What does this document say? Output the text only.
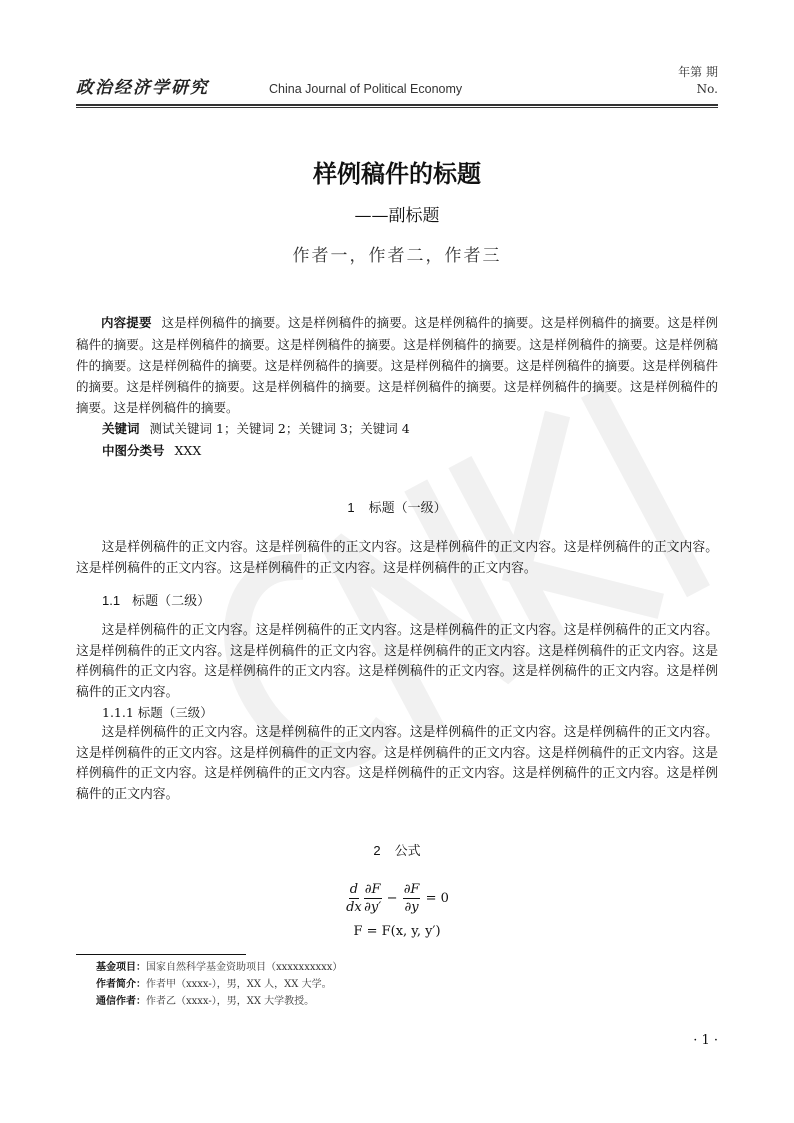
政治经济学研究	China Journal of Political Economy
年第 期
No.
样例稿件的标题
——副标题
作者一，作者二，作者三
内容提要 这是样例稿件的摘要。这是样例稿件的摘要。这是样例稿件的摘要。这是样例稿件的摘要。这是样例稿件的摘要。这是样例稿件的摘要。这是样例稿件的摘要。这是样例稿件的摘要。这是样例稿件的摘要。这是样例稿件的摘要。这是样例稿件的摘要。这是样例稿件的摘要。这是样例稿件的摘要。这是样例稿件的摘要。这是样例稿件的摘要。这是样例稿件的摘要。这是样例稿件的摘要。这是样例稿件的摘要。这是样例稿件的摘要。这是样例稿件的摘要。这是样例稿件的摘要。
关键词 测试关键词 1；关键词 2；关键词 3；关键词 4
中图分类号 XXX
1 标题（一级）
这是样例稿件的正文内容。这是样例稿件的正文内容。这是样例稿件的正文内容。这是样例稿件的正文内容。这是样例稿件的正文内容。这是样例稿件的正文内容。这是样例稿件的正文内容。
1.1 标题（二级）
这是样例稿件的正文内容。这是样例稿件的正文内容。这是样例稿件的正文内容。这是样例稿件的正文内容。这是样例稿件的正文内容。这是样例稿件的正文内容。这是样例稿件的正文内容。这是样例稿件的正文内容。这是样例稿件的正文内容。这是样例稿件的正文内容。这是样例稿件的正文内容。这是样例稿件的正文内容。这是样例稿件的正文内容。
1.1.1 标题（三级）
这是样例稿件的正文内容。这是样例稿件的正文内容。这是样例稿件的正文内容。这是样例稿件的正文内容。这是样例稿件的正文内容。这是样例稿件的正文内容。这是样例稿件的正文内容。这是样例稿件的正文内容。这是样例稿件的正文内容。这是样例稿件的正文内容。这是样例稿件的正文内容。这是样例稿件的正文内容。这是样例稿件的正文内容。
2 公式
$\frac{d}{dx} \frac{\partial F}{\partial y'} - \frac{\partial F}{\partial y} = 0$
F = F(x, y, y′)
基金项目：国家自然科学基金资助项目（xxxxxxxxxx）
作者简介：作者甲（xxxx-），男，XX 人，XX 大学。
通信作者：作者乙（xxxx-），男，XX 大学教授。
· 1 ·
